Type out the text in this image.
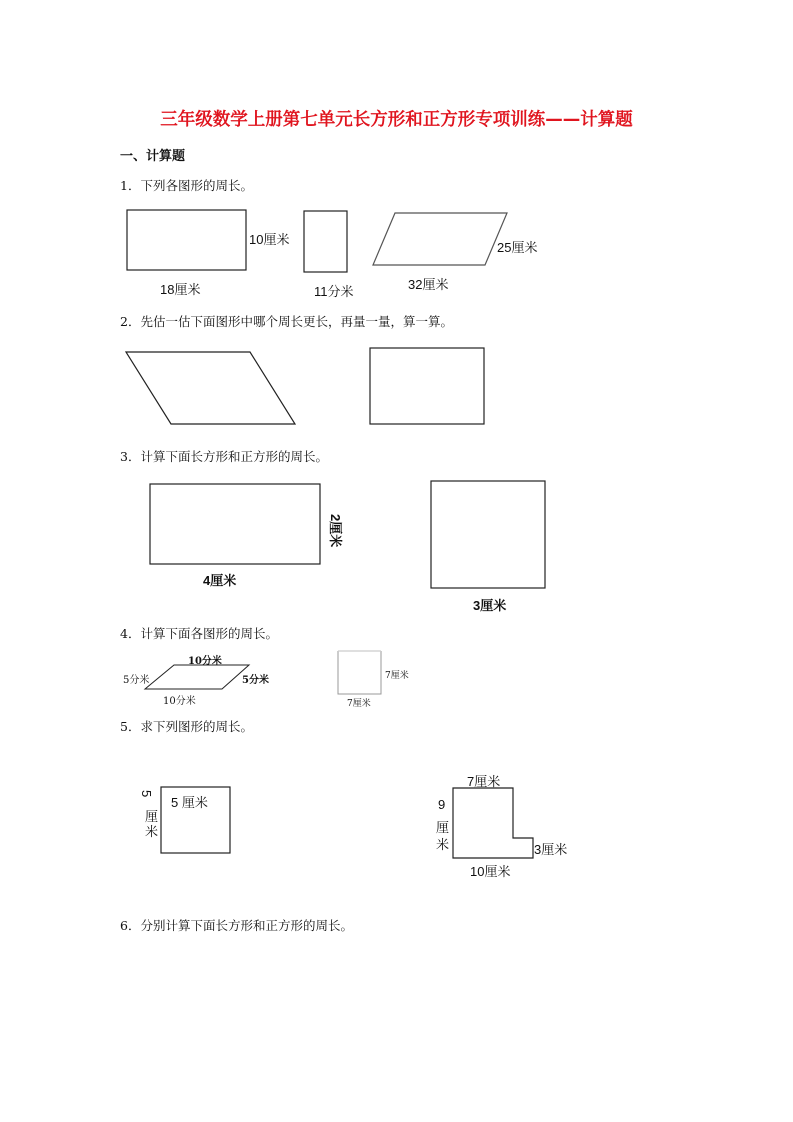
三年级数学上册第七单元长方形和正方形专项训练——计算题
一、计算题
1．下列各图形的周长。
10厘米
18厘米	11分米
25厘米
32厘米
2．先估一估下面图形中哪个周长更长，再量一量，算一算。
3．计算下面长方形和正方形的周长。
2厘米
4厘米
3厘米
4．计算下面各图形的周长。
10分米
5分米	5分米
10分米
7厘米
7厘米
5．求下列图形的周长。
5 厘米
5
厘
米
7厘米
9
厘
米	3厘米
10厘米
6．分别计算下面长方形和正方形的周长。
